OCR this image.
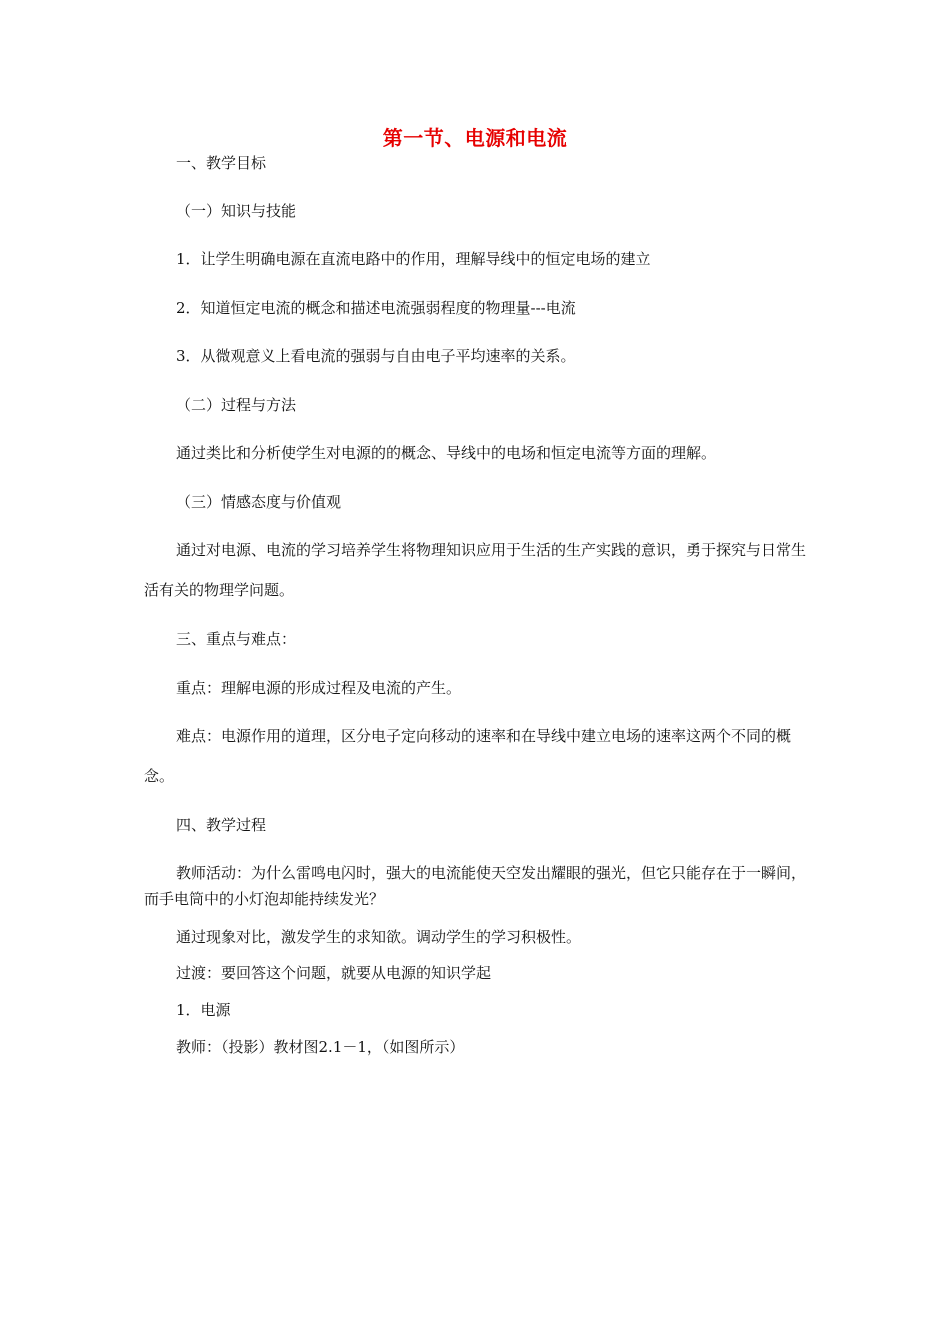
第一节、电源和电流
一、教学目标
（一）知识与技能
1．让学生明确电源在直流电路中的作用，理解导线中的恒定电场的建立
2．知道恒定电流的概念和描述电流强弱程度的物理量---电流
3．从微观意义上看电流的强弱与自由电子平均速率的关系。
（二）过程与方法
通过类比和分析使学生对电源的的概念、导线中的电场和恒定电流等方面的理解。
（三）情感态度与价值观
通过对电源、电流的学习培养学生将物理知识应用于生活的生产实践的意识，勇于探究与日常生活有关的物理学问题。
三、重点与难点：
重点：理解电源的形成过程及电流的产生。
难点：电源作用的道理，区分电子定向移动的速率和在导线中建立电场的速率这两个不同的概念。
四、教学过程
教师活动：为什么雷鸣电闪时，强大的电流能使天空发出耀眼的强光，但它只能存在于一瞬间，而手电筒中的小灯泡却能持续发光？
通过现象对比，激发学生的求知欲。调动学生的学习积极性。
过渡：要回答这个问题，就要从电源的知识学起
1．电源
教师：（投影）教材图2.1－1，（如图所示）
